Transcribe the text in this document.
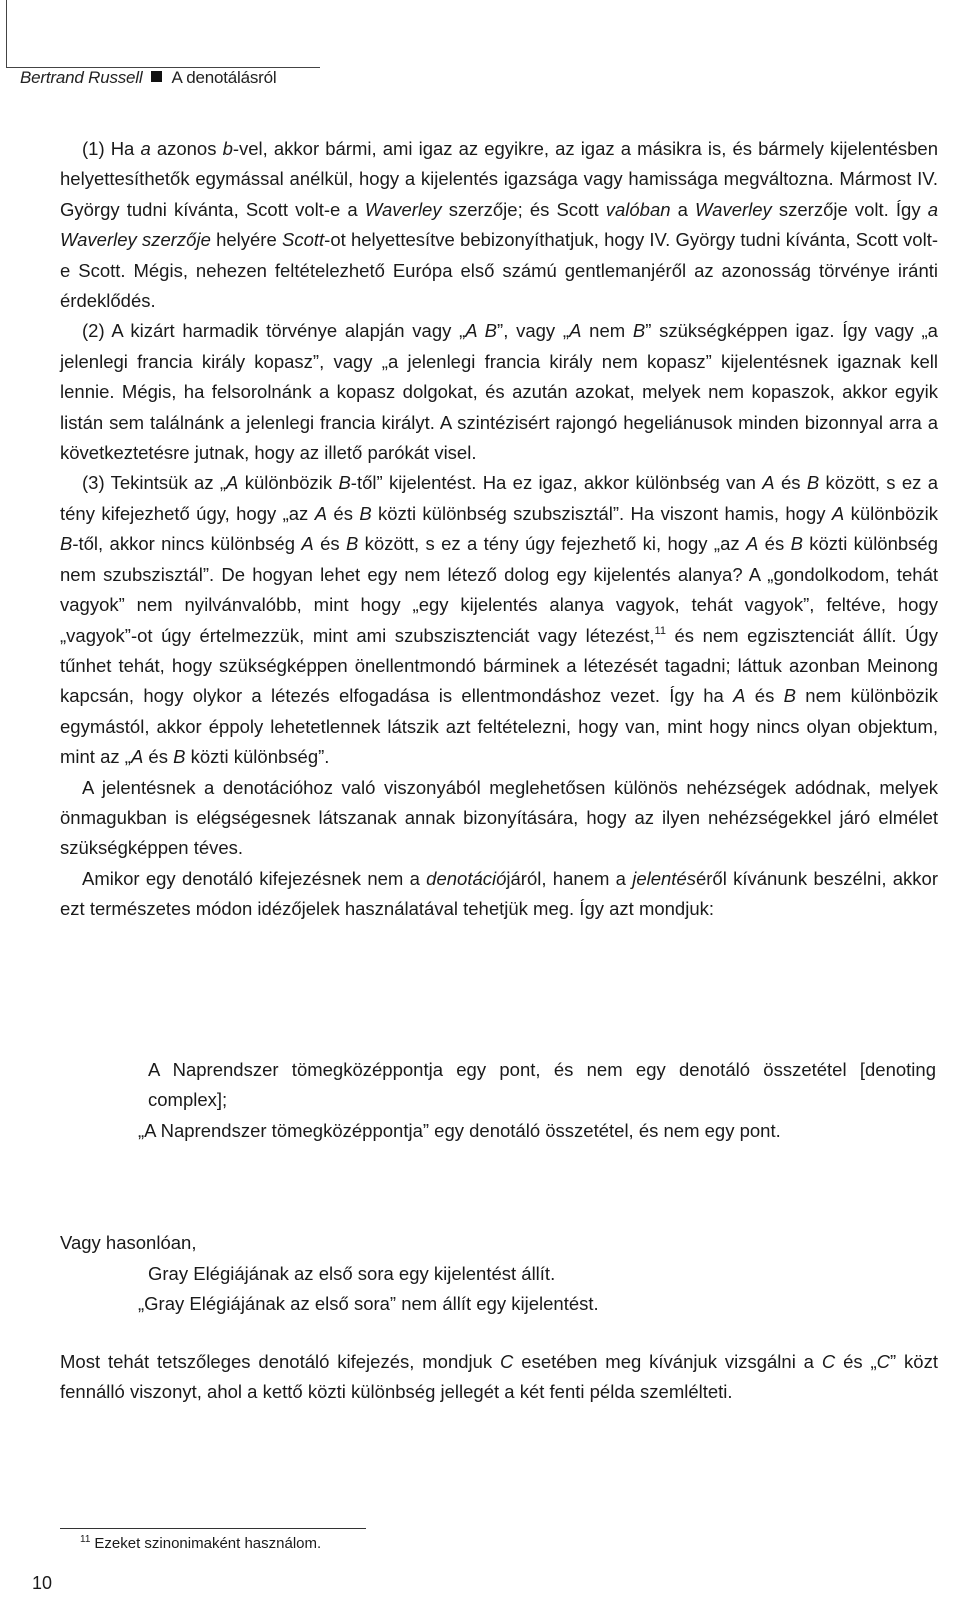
Bertrand Russell A denotálásról

(1) Ha a azonos b-vel, akkor bármi, ami igaz az egyikre, az igaz a másikra is, és bármely kijelentésben helyettesíthetők egymással anélkül, hogy a kijelentés igazsága vagy hamissága megváltozna. Mármost IV. György tudni kívánta, Scott volt-e a Waverley szerzője; és Scott valóban a Waverley szerzője volt. Így a Waverley szerzője helyére Scott-ot helyettesítve bebizonyíthatjuk, hogy IV. György tudni kívánta, Scott volt-e Scott. Mégis, nehezen feltételezhető Európa első számú gentlemanjéről az azonosság törvénye iránti érdeklődés.

(2) A kizárt harmadik törvénye alapján vagy „A B”, vagy „A nem B” szükségképpen igaz. Így vagy „a jelenlegi francia király kopasz”, vagy „a jelenlegi francia király nem kopasz” kijelentésnek igaznak kell lennie. Mégis, ha felsorolnánk a kopasz dolgokat, és azután azokat, melyek nem kopaszok, akkor egyik listán sem találnánk a jelenlegi francia királyt. A szintézisért rajongó hegeliánusok minden bizonnyal arra a következtetésre jutnak, hogy az illető parókát visel.

(3) Tekintsük az „A különbözik B-től” kijelentést. Ha ez igaz, akkor különbség van A és B között, s ez a tény kifejezhető úgy, hogy „az A és B közti különbség szubszisztál”. Ha viszont hamis, hogy A különbözik B-től, akkor nincs különbség A és B között, s ez a tény úgy fejezhető ki, hogy „az A és B közti különbség nem szubszisztál”. De hogyan lehet egy nem létező dolog egy kijelentés alanya? A „gondolkodom, tehát vagyok” nem nyilvánvalóbb, mint hogy „egy kijelentés alanya vagyok, tehát vagyok”, feltéve, hogy „vagyok”-ot úgy értelmezzük, mint ami szubszisztenciát vagy létezést,$^{11}$ és nem egzisztenciát állít. Úgy tűnhet tehát, hogy szükségképpen önellentmondó bárminek a létezését tagadni; láttuk azonban Meinong kapcsán, hogy olykor a létezés elfogadása is ellentmondáshoz vezet. Így ha A és B nem különbözik egymástól, akkor éppoly lehetetlennek látszik azt feltételezni, hogy van, mint hogy nincs olyan objektum, mint az „A és B közti különbség”.

A jelentésnek a denotációhoz való viszonyából meglehetősen különös nehézségek adódnak, melyek önmagukban is elégségesnek látszanak annak bizonyítására, hogy az ilyen nehézségekkel járó elmélet szükségképpen téves.

Amikor egy denotáló kifejezésnek nem a denotációjáról, hanem a jelentéséről kívánunk beszélni, akkor ezt természetes módon idézőjelek használatával tehetjük meg. Így azt mondjuk:

A Naprendszer tömegközéppontja egy pont, és nem egy denotáló összetétel [denoting complex];

„A Naprendszer tömegközéppontja” egy denotáló összetétel, és nem egy pont.

Vagy hasonlóan,

Gray Elégiájának az első sora egy kijelentést állít.

„Gray Elégiájának az első sora” nem állít egy kijelentést.

Most tehát tetszőleges denotáló kifejezés, mondjuk C esetében meg kívánjuk vizsgálni a C és „C” közt fennálló viszonyt, ahol a kettő közti különbség jellegét a két fenti példa szemlélteti.

$^{11}$ Ezeket szinonimaként használom.
10
